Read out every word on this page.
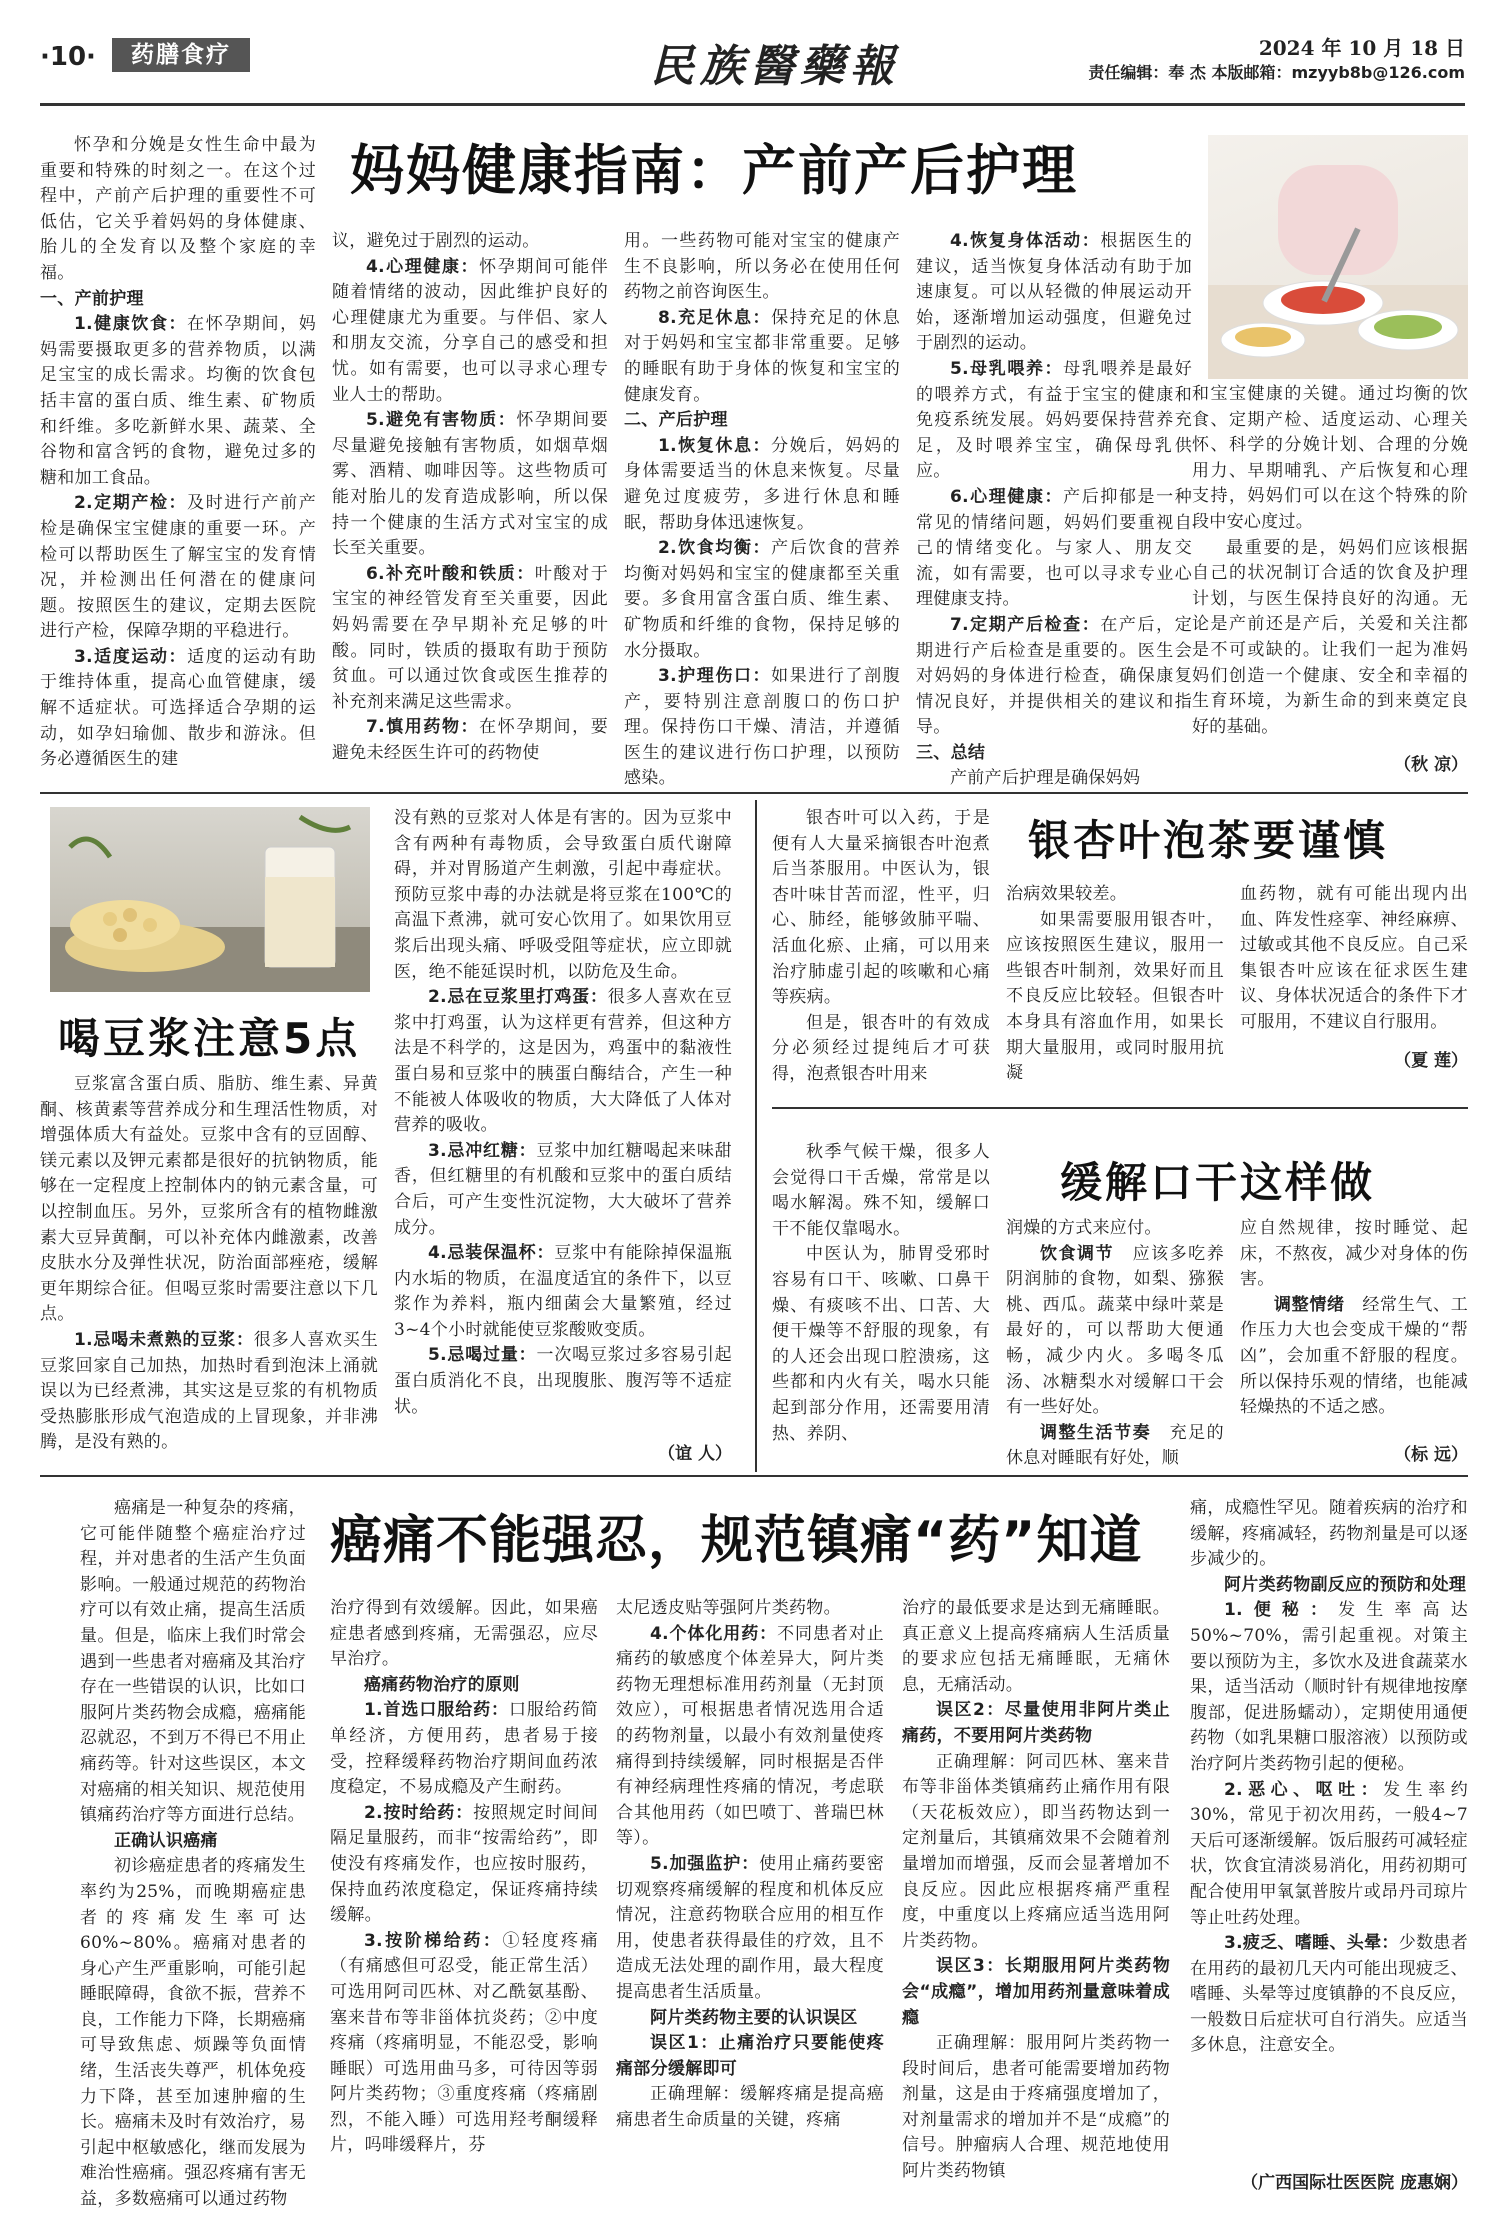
·10·	药膳食疗	民族醫藥報	2024 年 10 月 18 日
责任编辑：奉 杰 本版邮箱：mzyyb8b@126.com
妈妈健康指南：产前产后护理

怀孕和分娩是女性生命中最为重要和特殊的时刻之一。在这个过程中，产前产后护理的重要性不可低估，它关乎着妈妈的身体健康、胎儿的全发育以及整个家庭的幸福。

一、产前护理

1.健康饮食：在怀孕期间，妈妈需要摄取更多的营养物质，以满足宝宝的成长需求。均衡的饮食包括丰富的蛋白质、维生素、矿物质和纤维。多吃新鲜水果、蔬菜、全谷物和富含钙的食物，避免过多的糖和加工食品。

2.定期产检：及时进行产前产检是确保宝宝健康的重要一环。产检可以帮助医生了解宝宝的发育情况，并检测出任何潜在的健康问题。按照医生的建议，定期去医院进行产检，保障孕期的平稳进行。

3.适度运动：适度的运动有助于维持体重，提高心血管健康，缓解不适症状。可选择适合孕期的运动，如孕妇瑜伽、散步和游泳。但务必遵循医生的建

议，避免过于剧烈的运动。

4.心理健康：怀孕期间可能伴随着情绪的波动，因此维护良好的心理健康尤为重要。与伴侣、家人和朋友交流，分享自己的感受和担忧。如有需要，也可以寻求心理专业人士的帮助。

5.避免有害物质：怀孕期间要尽量避免接触有害物质，如烟草烟雾、酒精、咖啡因等。这些物质可能对胎儿的发育造成影响，所以保持一个健康的生活方式对宝宝的成长至关重要。

6.补充叶酸和铁质：叶酸对于宝宝的神经管发育至关重要，因此妈妈需要在孕早期补充足够的叶酸。同时，铁质的摄取有助于预防贫血。可以通过饮食或医生推荐的补充剂来满足这些需求。

7.慎用药物：在怀孕期间，要避免未经医生许可的药物使

用。一些药物可能对宝宝的健康产生不良影响，所以务必在使用任何药物之前咨询医生。

8.充足休息：保持充足的休息对于妈妈和宝宝都非常重要。足够的睡眠有助于身体的恢复和宝宝的健康发育。

二、产后护理

1.恢复休息：分娩后，妈妈的身体需要适当的休息来恢复。尽量避免过度疲劳，多进行休息和睡眠，帮助身体迅速恢复。

2.饮食均衡：产后饮食的营养均衡对妈妈和宝宝的健康都至关重要。多食用富含蛋白质、维生素、矿物质和纤维的食物，保持足够的水分摄取。

3.护理伤口：如果进行了剖腹产，要特别注意剖腹口的伤口护理。保持伤口干燥、清洁，并遵循医生的建议进行伤口护理，以预防感染。

4.恢复身体活动：根据医生的建议，适当恢复身体活动有助于加速康复。可以从轻微的伸展运动开始，逐渐增加运动强度，但避免过于剧烈的运动。

5.母乳喂养：母乳喂养是最好的喂养方式，有益于宝宝的健康和免疫系统发展。妈妈要保持营养充足，及时喂养宝宝，确保母乳供应。

6.心理健康：产后抑郁是一种常见的情绪问题，妈妈们要重视自己的情绪变化。与家人、朋友交流，如有需要，也可以寻求专业心理健康支持。

7.定期产后检查：在产后，定期进行产后检查是重要的。医生会对妈妈的身体进行检查，确保康复情况良好，并提供相关的建议和指导。

三、总结

产前产后护理是确保妈妈

和宝宝健康的关键。通过均衡的饮食、定期产检、适度运动、心理关怀、科学的分娩计划、合理的分娩用力、早期哺乳、产后恢复和心理支持，妈妈们可以在这个特殊的阶段中安心度过。

最重要的是，妈妈们应该根据自己的状况制订合适的饮食及护理计划，与医生保持良好的沟通。无论是产前还是产后，关爱和关注都是不可或缺的。让我们一起为准妈妈们创造一个健康、安全和幸福的生育环境，为新生命的到来奠定良好的基础。

（秋 凉）
喝豆浆注意5点

豆浆富含蛋白质、脂肪、维生素、异黄酮、核黄素等营养成分和生理活性物质，对增强体质大有益处。豆浆中含有的豆固醇、镁元素以及钾元素都是很好的抗钠物质，能够在一定程度上控制体内的钠元素含量，可以控制血压。另外，豆浆所含有的植物雌激素大豆异黄酮，可以补充体内雌激素，改善皮肤水分及弹性状况，防治面部痤疮，缓解更年期综合征。但喝豆浆时需要注意以下几点。

1.忌喝未煮熟的豆浆：很多人喜欢买生豆浆回家自己加热，加热时看到泡沫上涌就误以为已经煮沸，其实这是豆浆的有机物质受热膨胀形成气泡造成的上冒现象，并非沸腾，是没有熟的。

没有熟的豆浆对人体是有害的。因为豆浆中含有两种有毒物质，会导致蛋白质代谢障碍，并对胃肠道产生刺激，引起中毒症状。预防豆浆中毒的办法就是将豆浆在100℃的高温下煮沸，就可安心饮用了。如果饮用豆浆后出现头痛、呼吸受阻等症状，应立即就医，绝不能延误时机，以防危及生命。

2.忌在豆浆里打鸡蛋：很多人喜欢在豆浆中打鸡蛋，认为这样更有营养，但这种方法是不科学的，这是因为，鸡蛋中的黏液性蛋白易和豆浆中的胰蛋白酶结合，产生一种不能被人体吸收的物质，大大降低了人体对营养的吸收。

3.忌冲红糖：豆浆中加红糖喝起来味甜香，但红糖里的有机酸和豆浆中的蛋白质结合后，可产生变性沉淀物，大大破坏了营养成分。

4.忌装保温杯：豆浆中有能除掉保温瓶内水垢的物质，在温度适宜的条件下，以豆浆作为养料，瓶内细菌会大量繁殖，经过3~4个小时就能使豆浆酸败变质。

5.忌喝过量：一次喝豆浆过多容易引起蛋白质消化不良，出现腹胀、腹泻等不适症状。

（谊 人）
银杏叶泡茶要谨慎

银杏叶可以入药，于是便有人大量采摘银杏叶泡煮后当茶服用。中医认为，银杏叶味甘苦而涩，性平，归心、肺经，能够敛肺平喘、活血化瘀、止痛，可以用来治疗肺虚引起的咳嗽和心痛等疾病。

但是，银杏叶的有效成分必须经过提纯后才可获得，泡煮银杏叶用来

治病效果较差。

如果需要服用银杏叶，应该按照医生建议，服用一些银杏叶制剂，效果好而且不良反应比较轻。但银杏叶本身具有溶血作用，如果长期大量服用，或同时服用抗凝

血药物，就有可能出现内出血、阵发性痉挛、神经麻痹、过敏或其他不良反应。自己采集银杏叶应该在征求医生建议、身体状况适合的条件下才可服用，不建议自行服用。

（夏 莲）
缓解口干这样做

秋季气候干燥，很多人会觉得口干舌燥，常常是以喝水解渴。殊不知，缓解口干不能仅靠喝水。

中医认为，肺胃受邪时容易有口干、咳嗽、口鼻干燥、有痰咳不出、口苦、大便干燥等不舒服的现象，有的人还会出现口腔溃疡，这些都和内火有关，喝水只能起到部分作用，还需要用清热、养阴、

润燥的方式来应付。

饮食调节　应该多吃养阴润肺的食物，如梨、猕猴桃、西瓜。蔬菜中绿叶菜是最好的，可以帮助大便通畅，减少内火。多喝冬瓜汤、冰糖梨水对缓解口干会有一些好处。

调整生活节奏　充足的休息对睡眠有好处，顺

应自然规律，按时睡觉、起床，不熬夜，减少对身体的伤害。

调整情绪　经常生气、工作压力大也会变成干燥的“帮凶”，会加重不舒服的程度。所以保持乐观的情绪，也能减轻燥热的不适之感。

（标 远）
癌痛不能强忍，规范镇痛“药”知道

癌痛是一种复杂的疼痛，它可能伴随整个癌症治疗过程，并对患者的生活产生负面影响。一般通过规范的药物治疗可以有效止痛，提高生活质量。但是，临床上我们时常会遇到一些患者对癌痛及其治疗存在一些错误的认识，比如口服阿片类药物会成瘾，癌痛能忍就忍，不到万不得已不用止痛药等。针对这些误区，本文对癌痛的相关知识、规范使用镇痛药治疗等方面进行总结。

正确认识癌痛

初诊癌症患者的疼痛发生率约为25%，而晚期癌症患者的疼痛发生率可达60%~80%。癌痛对患者的身心产生严重影响，可能引起睡眠障碍，食欲不振，营养不良，工作能力下降，长期癌痛可导致焦虑、烦躁等负面情绪，生活丧失尊严，机体免疫力下降，甚至加速肿瘤的生长。癌痛未及时有效治疗，易引起中枢敏感化，继而发展为难治性癌痛。强忍疼痛有害无益，多数癌痛可以通过药物

治疗得到有效缓解。因此，如果癌症患者感到疼痛，无需强忍，应尽早治疗。

癌痛药物治疗的原则

1.首选口服给药：口服给药简单经济，方便用药，患者易于接受，控释缓释药物治疗期间血药浓度稳定，不易成瘾及产生耐药。

2.按时给药：按照规定时间间隔足量服药，而非“按需给药”，即使没有疼痛发作，也应按时服药，保持血药浓度稳定，保证疼痛持续缓解。

3.按阶梯给药：①轻度疼痛（有痛感但可忍受，能正常生活）可选用阿司匹林、对乙酰氨基酚、塞来昔布等非甾体抗炎药；②中度疼痛（疼痛明显，不能忍受，影响睡眠）可选用曲马多，可待因等弱阿片类药物；③重度疼痛（疼痛剧烈，不能入睡）可选用羟考酮缓释片，吗啡缓释片，芬

太尼透皮贴等强阿片类药物。

4.个体化用药：不同患者对止痛药的敏感度个体差异大，阿片类药物无理想标准用药剂量（无封顶效应），可根据患者情况选用合适的药物剂量，以最小有效剂量使疼痛得到持续缓解，同时根据是否伴有神经病理性疼痛的情况，考虑联合其他用药（如巴喷丁、普瑞巴林等）。

5.加强监护：使用止痛药要密切观察疼痛缓解的程度和机体反应情况，注意药物联合应用的相互作用，使患者获得最佳的疗效，且不造成无法处理的副作用，最大程度提高患者生活质量。

阿片类药物主要的认识误区

误区1：止痛治疗只要能使疼痛部分缓解即可

正确理解：缓解疼痛是提高癌痛患者生命质量的关键，疼痛

治疗的最低要求是达到无痛睡眠。真正意义上提高疼痛病人生活质量的要求应包括无痛睡眠，无痛休息，无痛活动。

误区2：尽量使用非阿片类止痛药，不要用阿片类药物

正确理解：阿司匹林、塞来昔布等非甾体类镇痛药止痛作用有限（天花板效应），即当药物达到一定剂量后，其镇痛效果不会随着剂量增加而增强，反而会显著增加不良反应。因此应根据疼痛严重程度，中重度以上疼痛应适当选用阿片类药物。

误区3：长期服用阿片类药物会“成瘾”，增加用药剂量意味着成瘾

正确理解：服用阿片类药物一段时间后，患者可能需要增加药物剂量，这是由于疼痛强度增加了，对剂量需求的增加并不是“成瘾”的信号。肿瘤病人合理、规范地使用阿片类药物镇

痛，成瘾性罕见。随着疾病的治疗和缓解，疼痛减轻，药物剂量是可以逐步减少的。

阿片类药物副反应的预防和处理

1.便秘：发生率高达50%~70%，需引起重视。对策主要以预防为主，多饮水及进食蔬菜水果，适当活动（顺时针有规律地按摩腹部，促进肠蠕动），定期使用通便药物（如乳果糖口服溶液）以预防或治疗阿片类药物引起的便秘。

2.恶心、呕吐：发生率约30%，常见于初次用药，一般4~7天后可逐渐缓解。饭后服药可减轻症状，饮食宜清淡易消化，用药初期可配合使用甲氧氯普胺片或昂丹司琼片等止吐药处理。

3.疲乏、嗜睡、头晕：少数患者在用药的最初几天内可能出现疲乏、嗜睡、头晕等过度镇静的不良反应，一般数日后症状可自行消失。应适当多休息，注意安全。

（广西国际壮医医院 庞惠娴）
